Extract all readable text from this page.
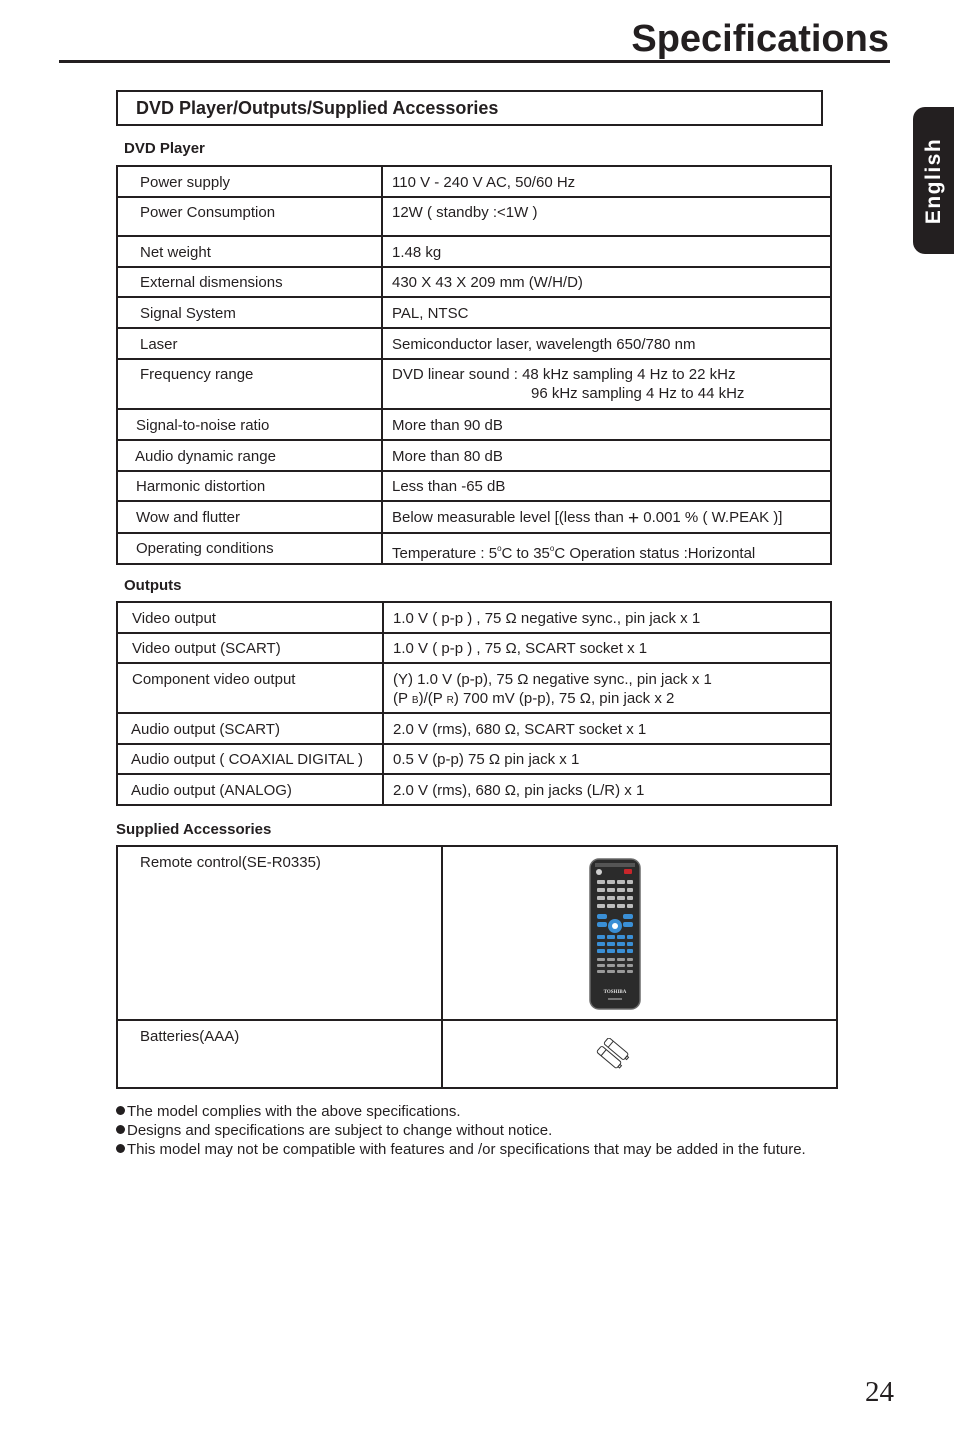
Specifications
English
DVD Player/Outputs/Supplied Accessories
DVD Player
Power supply	110 V - 240 V AC, 50/60 Hz
Power Consumption	12W ( standby :<1W )
Net weight	1.48 kg
External dismensions	430 X 43 X 209 mm (W/H/D)
Signal System	PAL, NTSC
Laser	Semiconductor laser, wavelength 650/780 nm
Frequency range	DVD linear sound : 48 kHz sampling 4 Hz to 22 kHz
96 kHz sampling 4 Hz to 44 kHz

Signal-to-noise ratio	More than 90 dB
Audio dynamic range	More than 80 dB
Harmonic distortion	Less than -65 dB
Wow and flutter	Below measurable level [(less than + 0.001 % ( W.PEAK )]
Operating conditions	Temperature : 5$^o$C to 35$^o$C Operation status :Horizontal
Outputs
Video output	1.0 V ( p-p ) , 75 Ω negative sync., pin jack x 1
Video output (SCART)	1.0 V ( p-p ) , 75 Ω, SCART socket x 1
Component video output	(Y) 1.0 V (p-p), 75 Ω negative sync., pin jack x 1
(P B)/(P R) 700 mV (p-p), 75 Ω, pin jack x 2

Audio output (SCART)	2.0 V (rms), 680 Ω, SCART socket x 1
Audio output ( COAXIAL DIGITAL )	0.5 V (p-p) 75 Ω pin jack x 1
Audio output (ANALOG)	2.0 V (rms), 680 Ω, pin jacks (L/R) x 1
Supplied Accessories
Remote control(SE-R0335)	TOSHIBA

Batteries(AAA)	
The model complies with the above specifications.
Designs and specifications are subject to change without notice.
This model may not be compatible with features and /or specifications that may be added in the future.
24
